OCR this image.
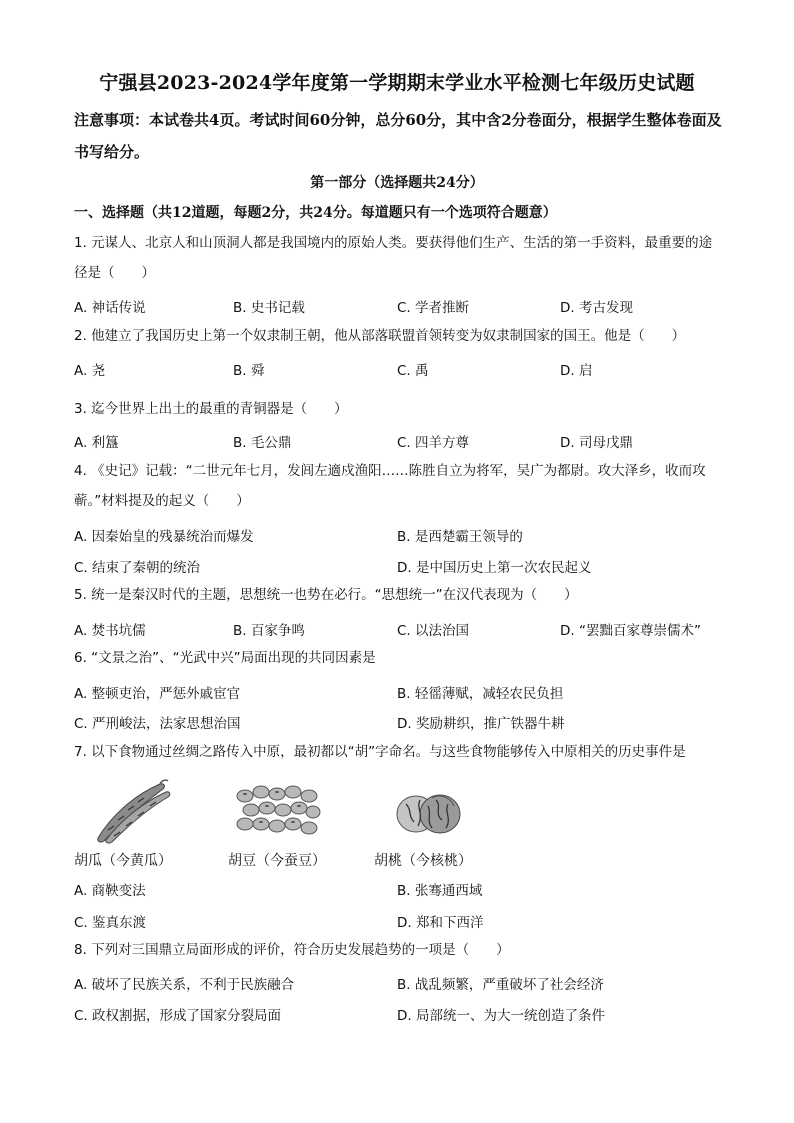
宁强县2023-2024学年度第一学期期末学业水平检测七年级历史试题
注意事项：本试卷共4页。考试时间60分钟，总分60分，其中含2分卷面分，根据学生整体卷面及书写给分。
第一部分（选择题共24分）
一、选择题（共12道题，每题2分，共24分。每道题只有一个选项符合题意）
1. 元谋人、北京人和山顶洞人都是我国境内的原始人类。要获得他们生产、生活的第一手资料，最重要的途径是（　　）
A. 神话传说	B. 史书记载	C. 学者推断	D. 考古发现
2. 他建立了我国历史上第一个奴隶制王朝，他从部落联盟首领转变为奴隶制国家的国王。他是（　　）
A. 尧	B. 舜	C. 禹	D. 启
3. 迄今世界上出土的最重的青铜器是（　　）
A. 利簋	B. 毛公鼎	C. 四羊方尊	D. 司母戊鼎
4. 《史记》记载：“二世元年七月，发闾左適戍渔阳……陈胜自立为将军，吴广为都尉。攻大泽乡，收而攻蕲。”材料提及的起义（　　）
A. 因秦始皇的残暴统治而爆发	B. 是西楚霸王领导的
C. 结束了秦朝的统治	D. 是中国历史上第一次农民起义
5. 统一是秦汉时代的主题，思想统一也势在必行。“思想统一”在汉代表现为（　　）
A. 焚书坑儒	B. 百家争鸣	C. 以法治国	D. “罢黜百家尊崇儒术”
6. “文景之治”、“光武中兴”局面出现的共同因素是
A. 整顿吏治，严惩外戚宦官	B. 轻徭薄赋，减轻农民负担
C. 严刑峻法，法家思想治国	D. 奖励耕织，推广铁器牛耕
7. 以下食物通过丝绸之路传入中原，最初都以“胡”字命名。与这些食物能够传入中原相关的历史事件是
胡瓜（今黄瓜）	胡豆（今蚕豆）	胡桃（今核桃）
A. 商鞅变法	B. 张骞通西域
C. 鉴真东渡	D. 郑和下西洋
8. 下列对三国鼎立局面形成的评价，符合历史发展趋势的一项是（　　）
A. 破坏了民族关系，不利于民族融合	B. 战乱频繁，严重破坏了社会经济
C. 政权割据，形成了国家分裂局面	D. 局部统一、为大一统创造了条件
